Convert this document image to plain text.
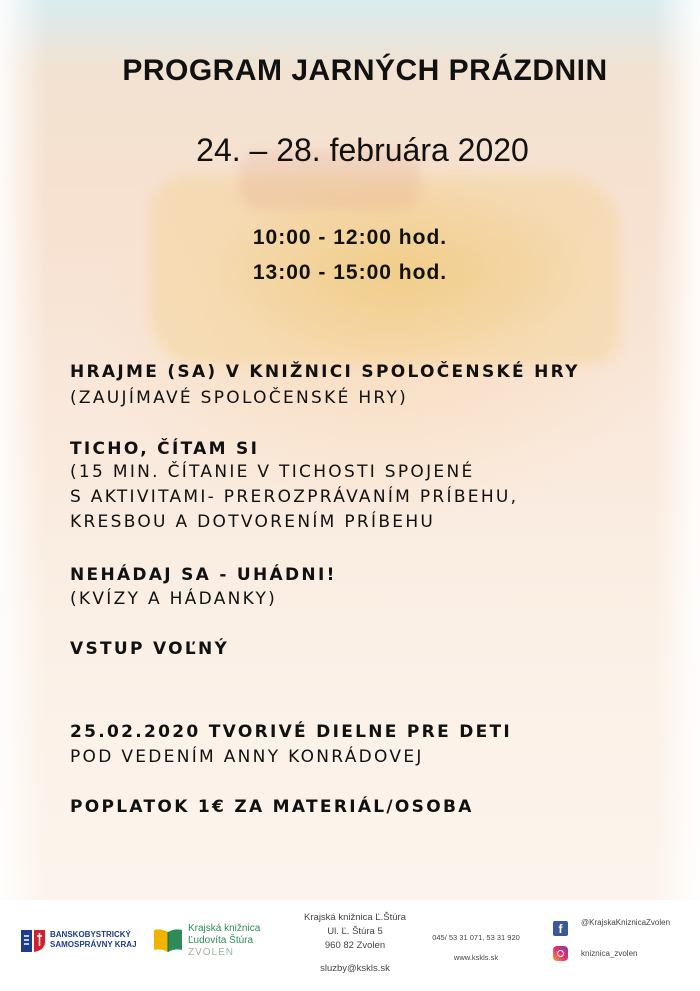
PROGRAM JARNÝCH PRÁZDNIN
24. – 28. februára 2020
10:00 - 12:00 hod.
13:00 - 15:00 hod.
HRAJME (SA) V KNIŽNICI SPOLOČENSKÉ HRY
(ZAUJÍMAVÉ SPOLOČENSKÉ HRY)
TICHO, ČÍTAM SI
(15 MIN. ČÍTANIE V TICHOSTI SPOJENÉ
S AKTIVITAMI- PREROZPRÁVANÍM PRÍBEHU,
KRESBOU A DOTVORENÍM PRÍBEHU
NEHÁDAJ SA - UHÁDNI!
(KVÍZY A HÁDANKY)
VSTUP VOĽNÝ
25.02.2020 TVORIVÉ DIELNE PRE DETI
POD VEDENÍM ANNY KONRÁDOVEJ
POPLATOK 1€ ZA MATERIÁL/OSOBA
BANSKOBYSTRICKÝ
SAMOSPRÁVNY KRAJ
Krajská knižnica
Ľudovíta Štúra
ZVOLEN
Krajská knižnica Ľ.Štúra
Ul. Ľ. Štúra 5
960 82 Zvolen
sluzby@kskls.sk
045/ 53 31 071, 53 31 920
www.kskls.sk
f	@KrajskaKniznicaZvolen
kniznica_zvolen
